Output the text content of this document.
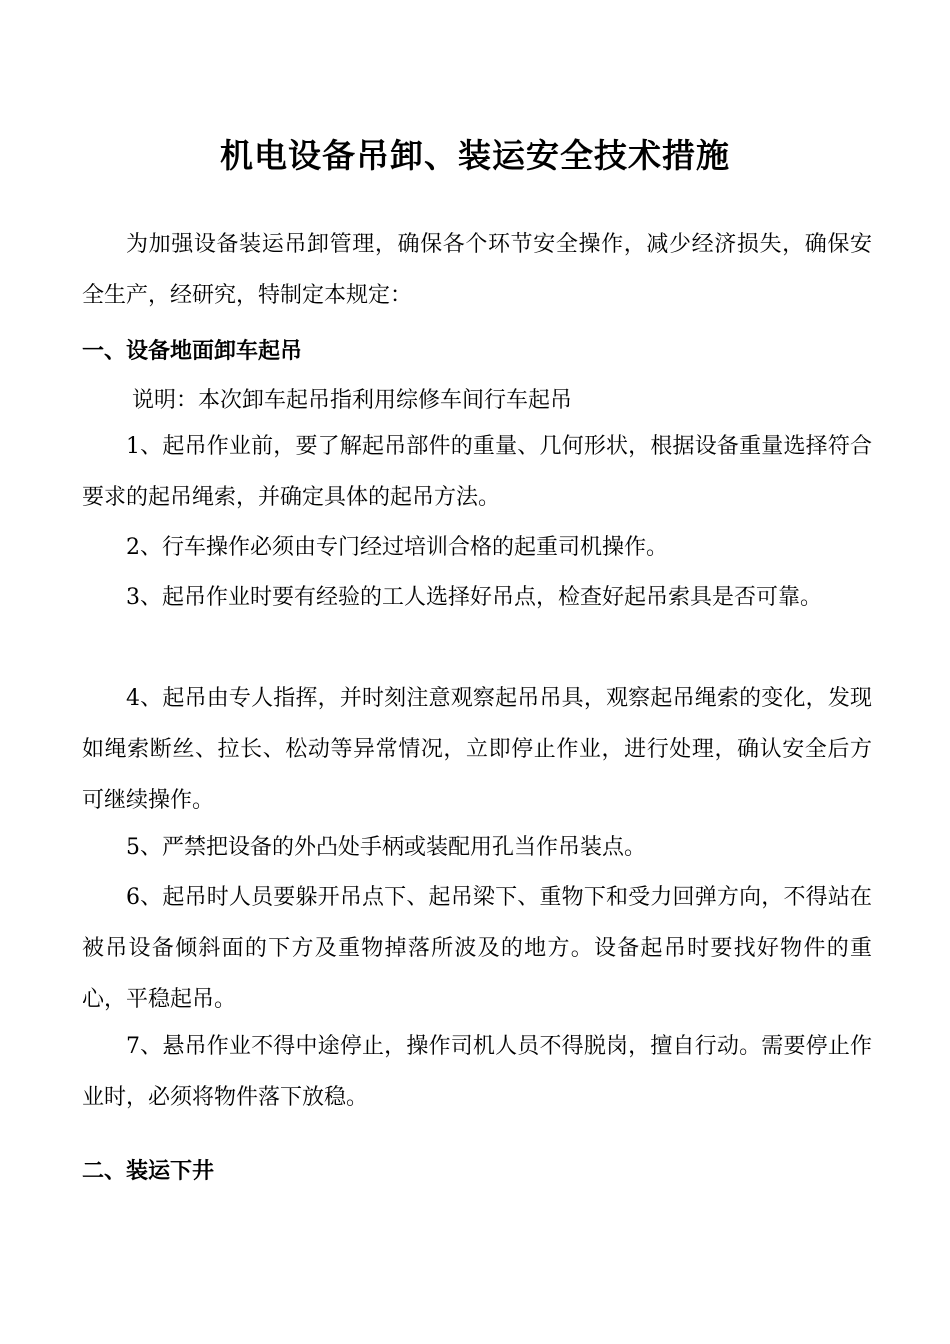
机电设备吊卸、装运安全技术措施
为加强设备装运吊卸管理，确保各个环节安全操作，减少经济损失，确保安全生产，经研究，特制定本规定：
一、设备地面卸车起吊
说明：本次卸车起吊指利用综修车间行车起吊
1、起吊作业前，要了解起吊部件的重量、几何形状，根据设备重量选择符合要求的起吊绳索，并确定具体的起吊方法。
2、行车操作必须由专门经过培训合格的起重司机操作。
3、起吊作业时要有经验的工人选择好吊点，检查好起吊索具是否可靠。
4、起吊由专人指挥，并时刻注意观察起吊吊具，观察起吊绳索的变化，发现如绳索断丝、拉长、松动等异常情况，立即停止作业，进行处理，确认安全后方可继续操作。
5、严禁把设备的外凸处手柄或装配用孔当作吊装点。
6、起吊时人员要躲开吊点下、起吊梁下、重物下和受力回弹方向，不得站在被吊设备倾斜面的下方及重物掉落所波及的地方。设备起吊时要找好物件的重心，平稳起吊。
7、悬吊作业不得中途停止，操作司机人员不得脱岗，擅自行动。需要停止作业时，必须将物件落下放稳。
二、装运下井
